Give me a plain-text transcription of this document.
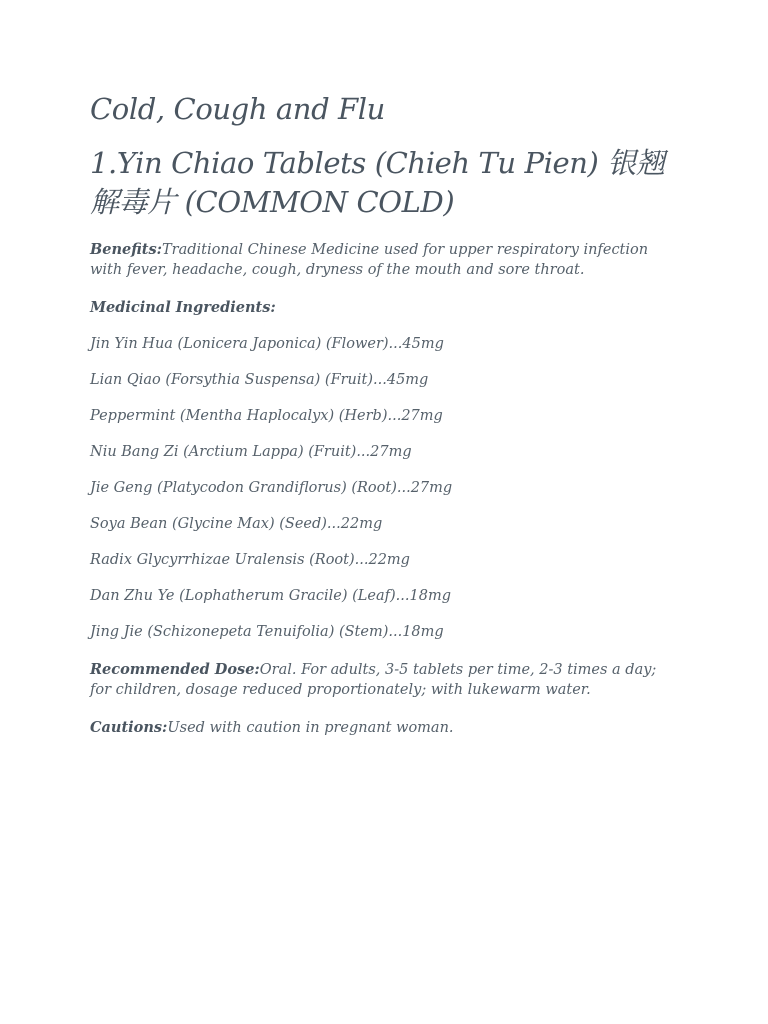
Cold, Cough and Flu
1.Yin Chiao Tablets (Chieh Tu Pien) 银翘解毒片 (COMMON COLD)

Benefits:Traditional Chinese Medicine used for upper respiratory infection with fever, headache, cough, dryness of the mouth and sore throat.

Medicinal Ingredients:

Jin Yin Hua (Lonicera Japonica) (Flower)...45mg
Lian Qiao (Forsythia Suspensa) (Fruit)...45mg
Peppermint (Mentha Haplocalyx) (Herb)...27mg
Niu Bang Zi (Arctium Lappa) (Fruit)...27mg
Jie Geng (Platycodon Grandiflorus) (Root)...27mg
Soya Bean (Glycine Max) (Seed)...22mg
Radix Glycyrrhizae Uralensis (Root)...22mg
Dan Zhu Ye (Lophatherum Gracile) (Leaf)...18mg
Jing Jie (Schizonepeta Tenuifolia) (Stem)...18mg

Recommended Dose:Oral. For adults, 3-5 tablets per time, 2-3 times a day; for children, dosage reduced proportionately; with lukewarm water.

Cautions:Used with caution in pregnant woman.
